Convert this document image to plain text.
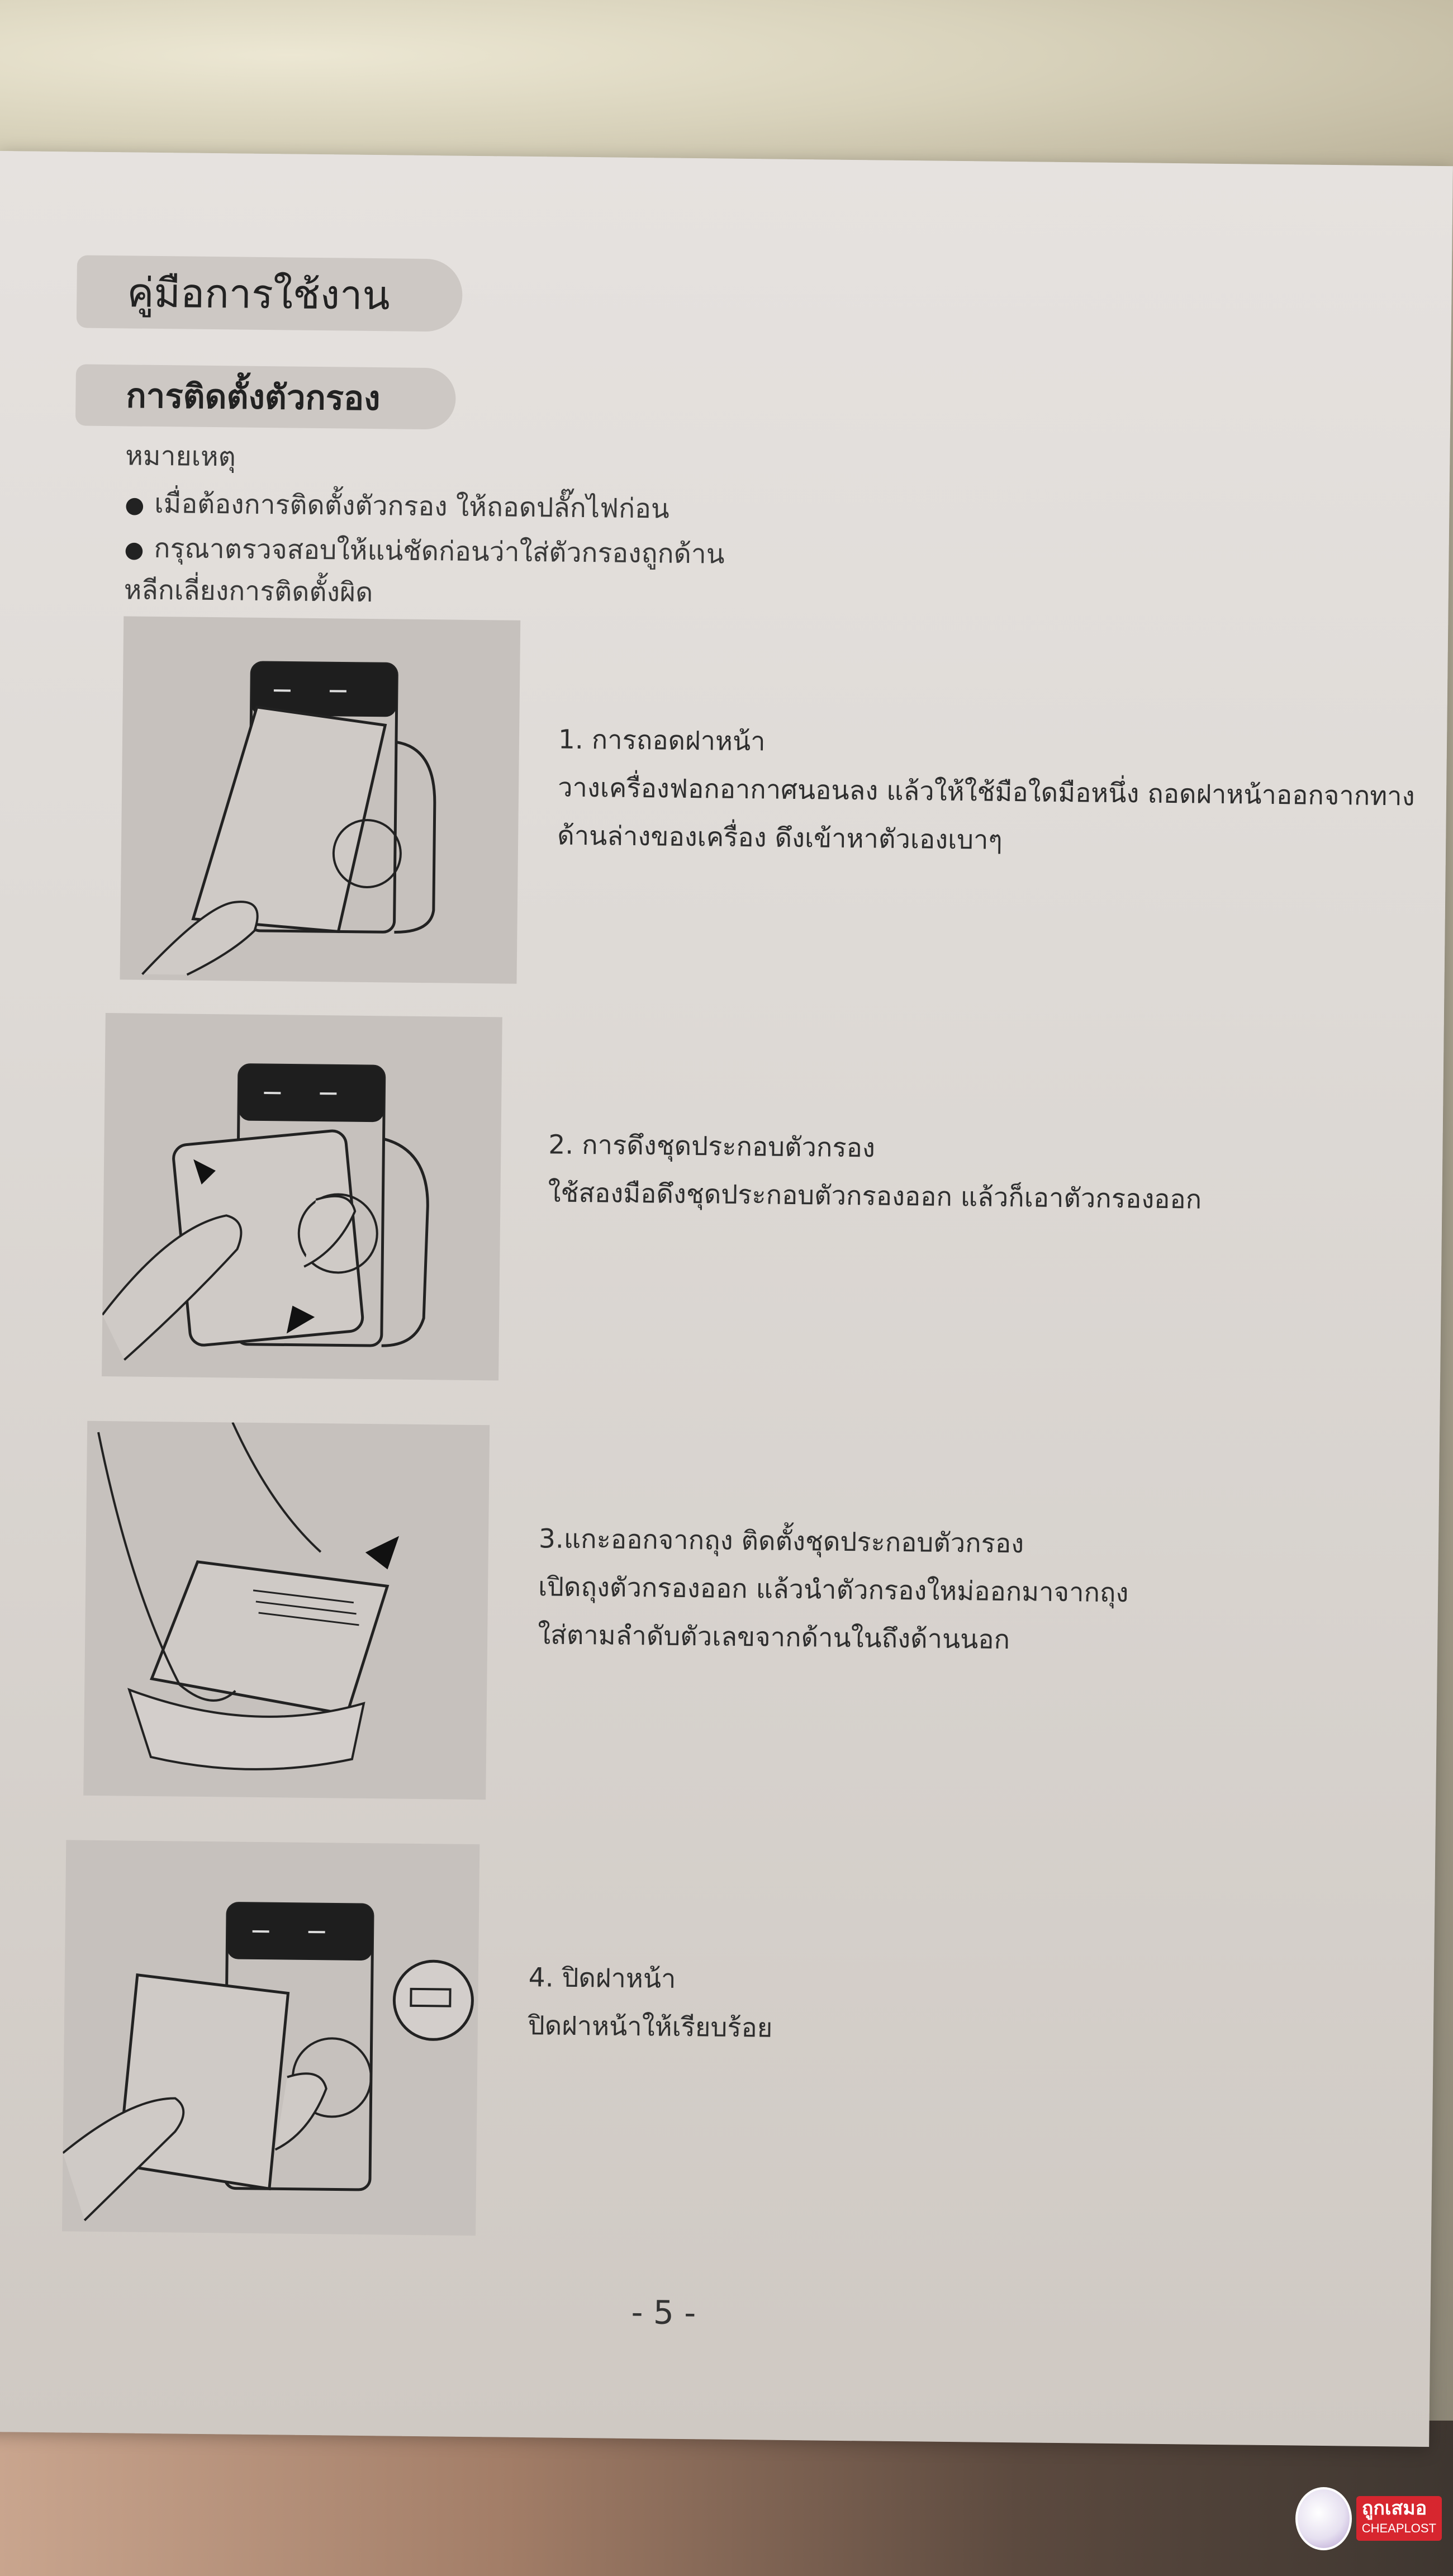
คู่มือการใช้งาน
การติดตั้งตัวกรอง
หมายเหตุ
● เมื่อต้องการติดตั้งตัวกรอง ให้ถอดปลั๊กไฟก่อน
● กรุณาตรวจสอบให้แน่ชัดก่อนว่าใส่ตัวกรองถูกด้าน
หลีกเลี่ยงการติดตั้งผิด
1. การถอดฝาหน้า
วางเครื่องฟอกอากาศนอนลง แล้วให้ใช้มือใดมือหนึ่ง ถอดฝาหน้าออกจากทาง
ด้านล่างของเครื่อง ดึงเข้าหาตัวเองเบาๆ
2. การดึงชุดประกอบตัวกรอง
ใช้สองมือดึงชุดประกอบตัวกรองออก แล้วก็เอาตัวกรองออก
3.แกะออกจากถุง ติดตั้งชุดประกอบตัวกรอง
เปิดถุงตัวกรองออก แล้วนำตัวกรองใหม่ออกมาจากถุง
ใส่ตามลำดับตัวเลขจากด้านในถึงด้านนอก
4. ปิดฝาหน้า
ปิดฝาหน้าให้เรียบร้อย
- 5 -
ถูกเสมอ
CHEAPLOST
